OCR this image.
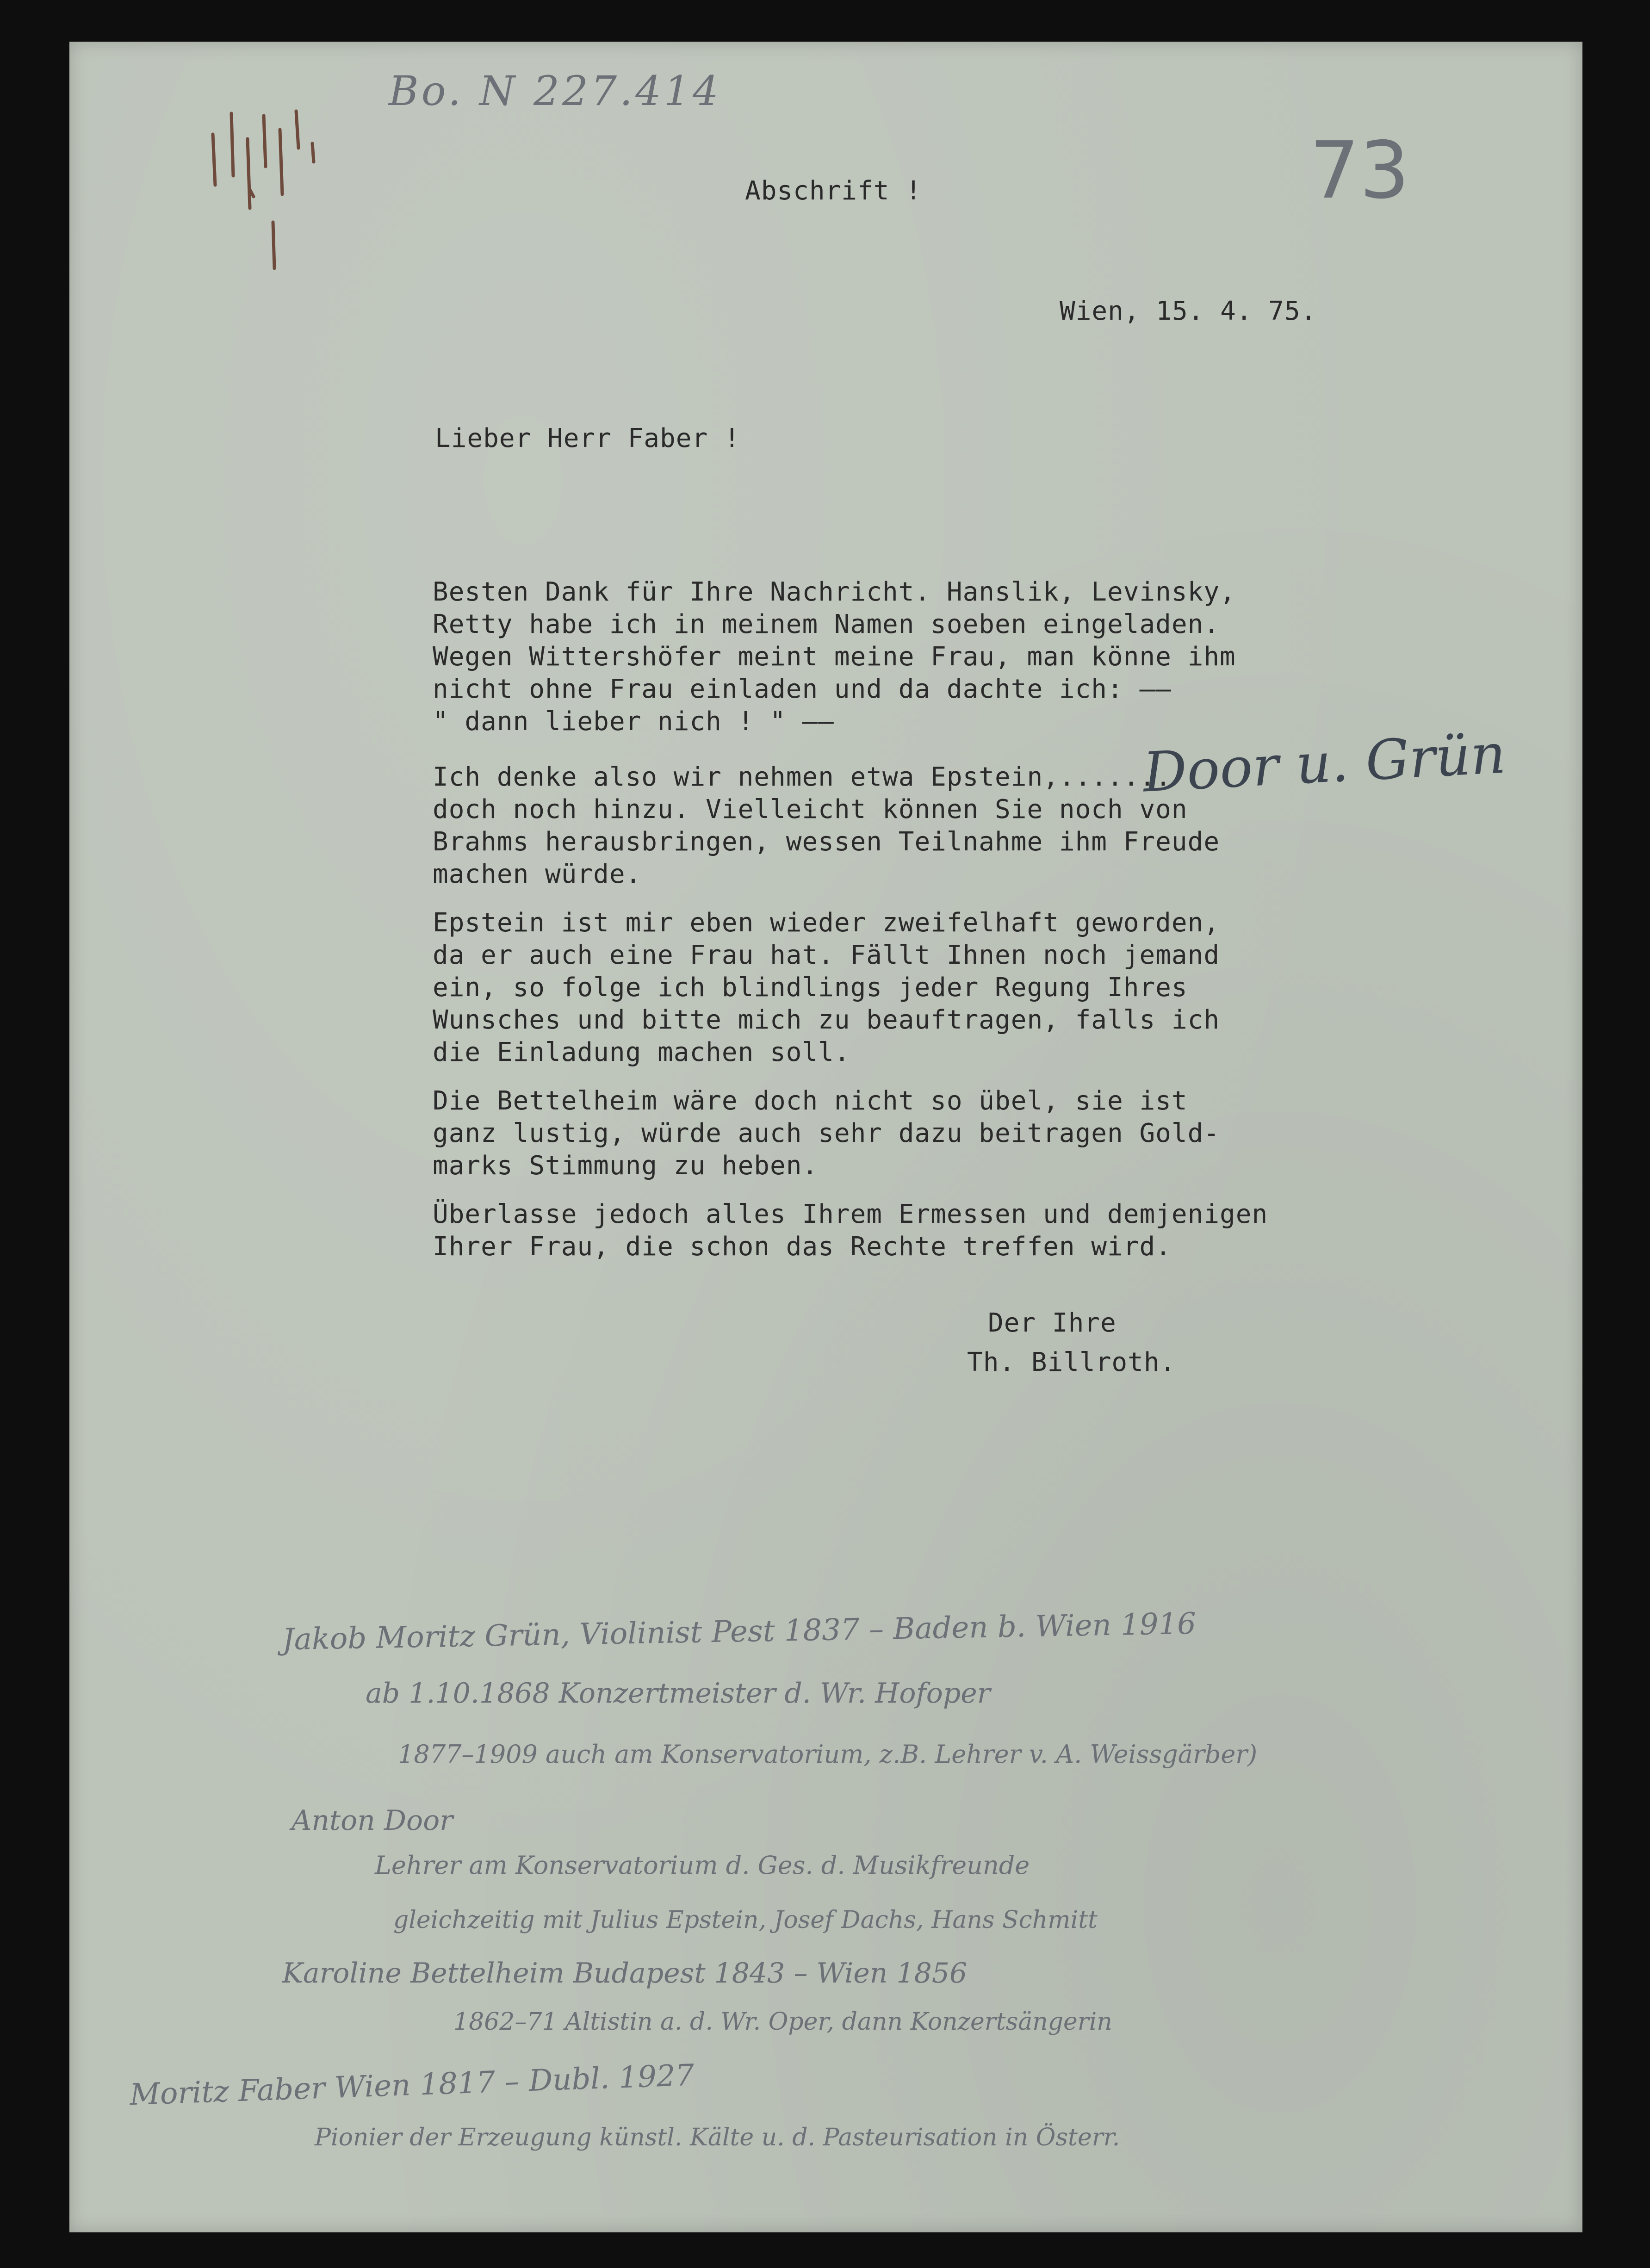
Bo. N 227.414
73
Abschrift !
Wien, 15. 4. 75.
Lieber Herr Faber !
Besten Dank für Ihre Nachricht. Hanslik, Levinsky,
Retty habe ich in meinem Namen soeben eingeladen.
Wegen Wittershöfer meint meine Frau, man könne ihm
nicht ohne Frau einladen und da dachte ich: ——
" dann lieber nich ! " ——
Ich denke also wir nehmen etwa Epstein,.......
doch noch hinzu. Vielleicht können Sie noch von
Brahms herausbringen, wessen Teilnahme ihm Freude
machen würde.
Door u. Grün
Epstein ist mir eben wieder zweifelhaft geworden,
da er auch eine Frau hat. Fällt Ihnen noch jemand
ein, so folge ich blindlings jeder Regung Ihres
Wunsches und bitte mich zu beauftragen, falls ich
die Einladung machen soll.
Die Bettelheim wäre doch nicht so übel, sie ist
ganz lustig, würde auch sehr dazu beitragen Gold-
marks Stimmung zu heben.
Überlasse jedoch alles Ihrem Ermessen und demjenigen
Ihrer Frau, die schon das Rechte treffen wird.
Der Ihre
Th. Billroth.
Jakob Moritz Grün, Violinist Pest 1837 – Baden b. Wien 1916
ab 1.10.1868 Konzertmeister d. Wr. Hofoper
1877–1909 auch am Konservatorium, z.B. Lehrer v. A. Weissgärber)
Anton Door
Lehrer am Konservatorium d. Ges. d. Musikfreunde
gleichzeitig mit Julius Epstein, Josef Dachs, Hans Schmitt
Karoline Bettelheim Budapest 1843 – Wien 1856
1862–71 Altistin a. d. Wr. Oper, dann Konzertsängerin
Moritz Faber Wien 1817 – Dubl. 1927
Pionier der Erzeugung künstl. Kälte u. d. Pasteurisation in Österr.
